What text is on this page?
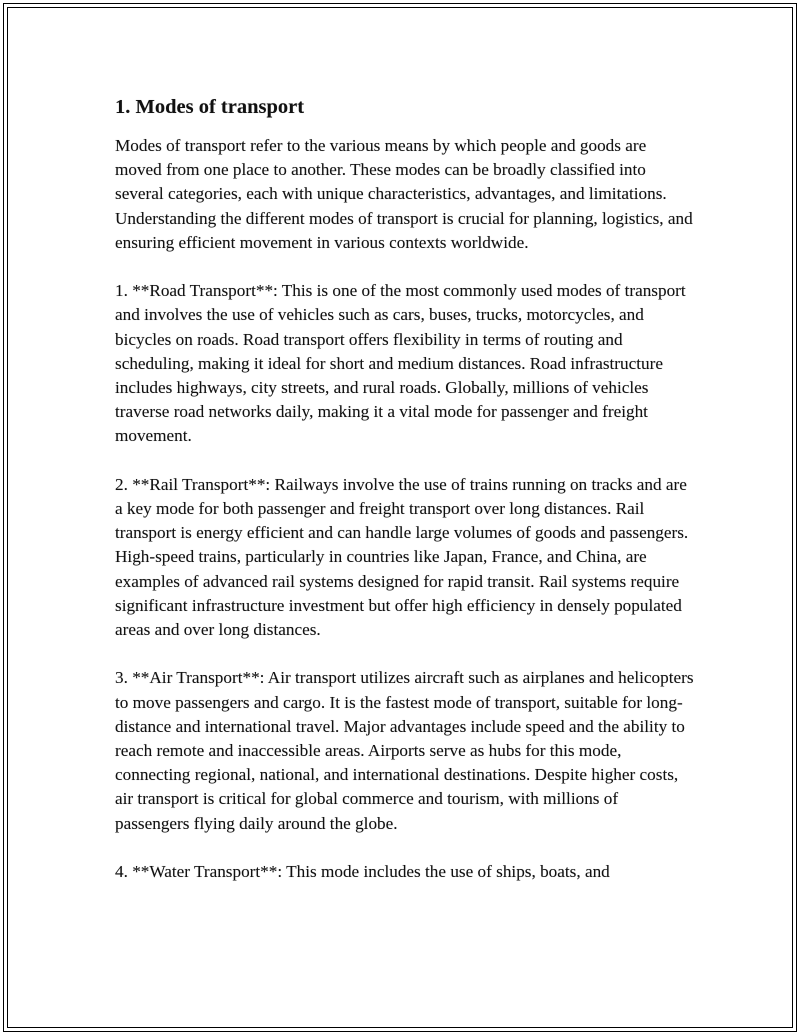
1. Modes of transport

Modes of transport refer to the various means by which people and goods are moved from one place to another. These modes can be broadly classified into several categories, each with unique characteristics, advantages, and limitations. Understanding the different modes of transport is crucial for planning, logistics, and ensuring efficient movement in various contexts worldwide.

1. **Road Transport**: This is one of the most commonly used modes of transport and involves the use of vehicles such as cars, buses, trucks, motorcycles, and bicycles on roads. Road transport offers flexibility in terms of routing and scheduling, making it ideal for short and medium distances. Road infrastructure includes highways, city streets, and rural roads. Globally, millions of vehicles traverse road networks daily, making it a vital mode for passenger and freight movement.

2. **Rail Transport**: Railways involve the use of trains running on tracks and are a key mode for both passenger and freight transport over long distances. Rail transport is energy efficient and can handle large volumes of goods and passengers. High-speed trains, particularly in countries like Japan, France, and China, are examples of advanced rail systems designed for rapid transit. Rail systems require significant infrastructure investment but offer high efficiency in densely populated areas and over long distances.

3. **Air Transport**: Air transport utilizes aircraft such as airplanes and helicopters to move passengers and cargo. It is the fastest mode of transport, suitable for long-distance and international travel. Major advantages include speed and the ability to reach remote and inaccessible areas. Airports serve as hubs for this mode, connecting regional, national, and international destinations. Despite higher costs, air transport is critical for global commerce and tourism, with millions of passengers flying daily around the globe.

4. **Water Transport**: This mode includes the use of ships, boats, and
